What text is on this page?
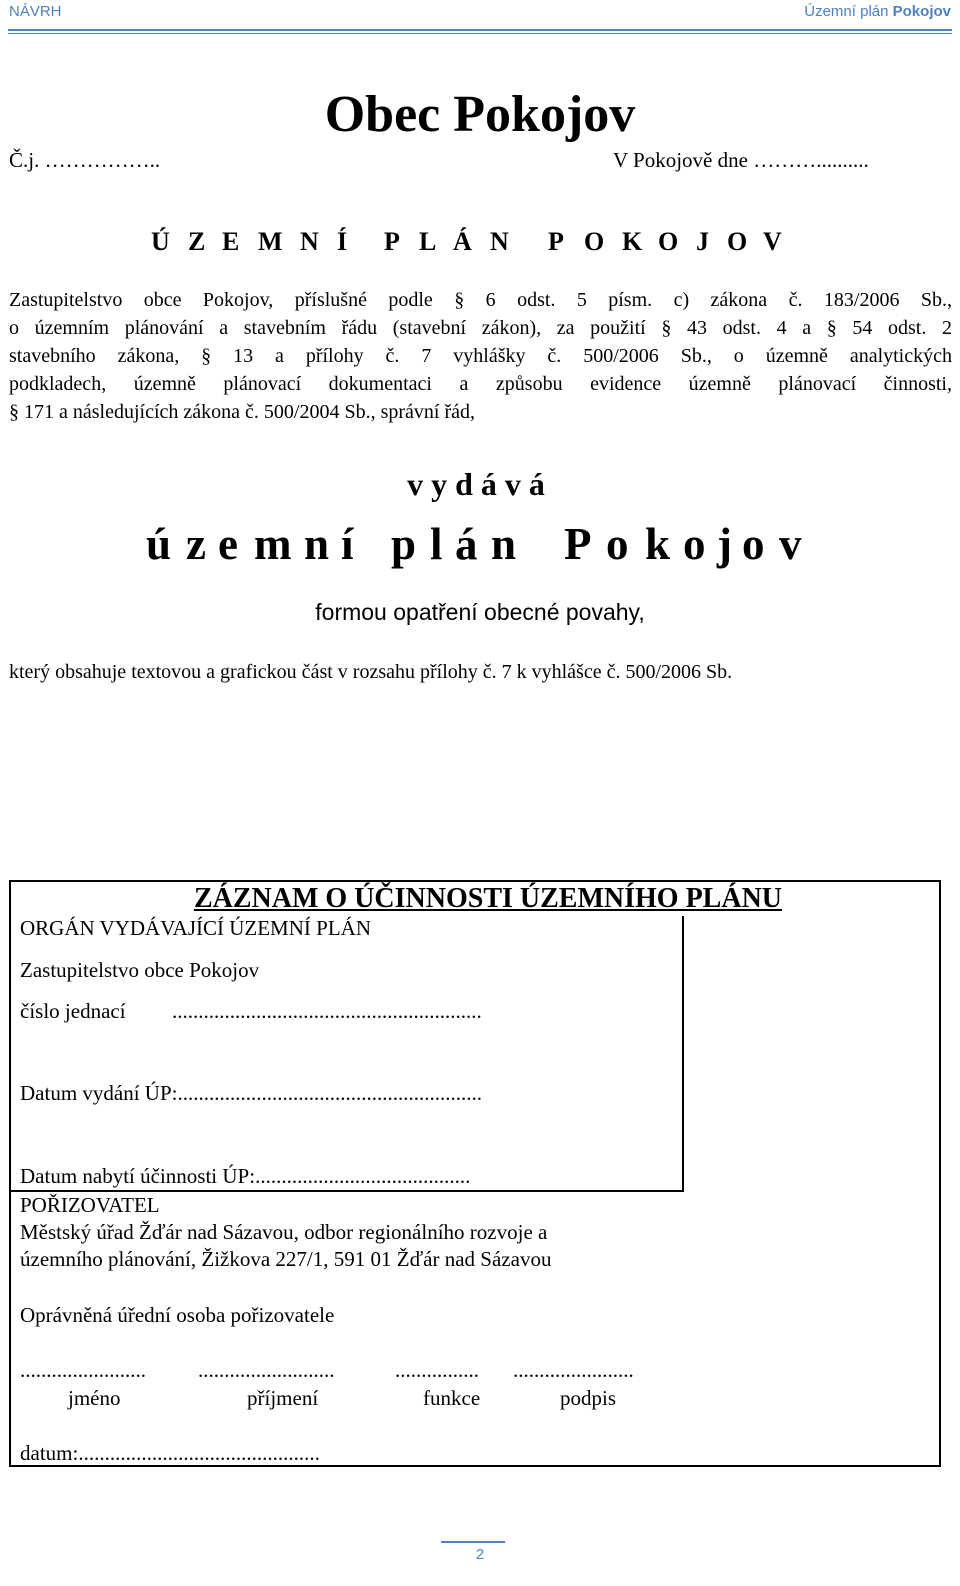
NÁVRH	Územní plán Pokojov
Obec Pokojov
Č.j. ……………..	V Pokojově dne ………..........
Ú Z E M N Í P L Á N P O K O J O V
Zastupitelstvo obce Pokojov, příslušné podle § 6 odst. 5 písm. c) zákona č. 183/2006 Sb.,
o územním plánování a stavebním řádu (stavební zákon), za použití § 43 odst. 4 a § 54 odst. 2
stavebního zákona, § 13 a přílohy č. 7 vyhlášky č. 500/2006 Sb., o územně analytických
podkladech, územně plánovací dokumentaci a způsobu evidence územně plánovací činnosti,
§ 171 a následujících zákona č. 500/2004 Sb., správní řád,
vydává
ú z e m n í p l á n P o k o j o v
formou opatření obecné povahy,
který obsahuje textovou a grafickou část v rozsahu přílohy č. 7 k vyhlášce č. 500/2006 Sb.
ZÁZNAM O ÚČINNOSTI ÚZEMNÍHO PLÁNU
ORGÁN VYDÁVAJÍCÍ ÚZEMNÍ PLÁN
Zastupitelstvo obce Pokojov
číslo jednací ...........................................................
Datum vydání ÚP:..........................................................
Datum nabytí účinnosti ÚP:.........................................
POŘIZOVATEL
Městský úřad Žďár nad Sázavou, odbor regionálního rozvoje a
územního plánování, Žižkova 227/1, 591 01 Žďár nad Sázavou
Oprávněná úřední osoba pořizovatele
........................ ..........................	................ .......................
jméno	příjmení	funkce	podpis
datum:..............................................
2
